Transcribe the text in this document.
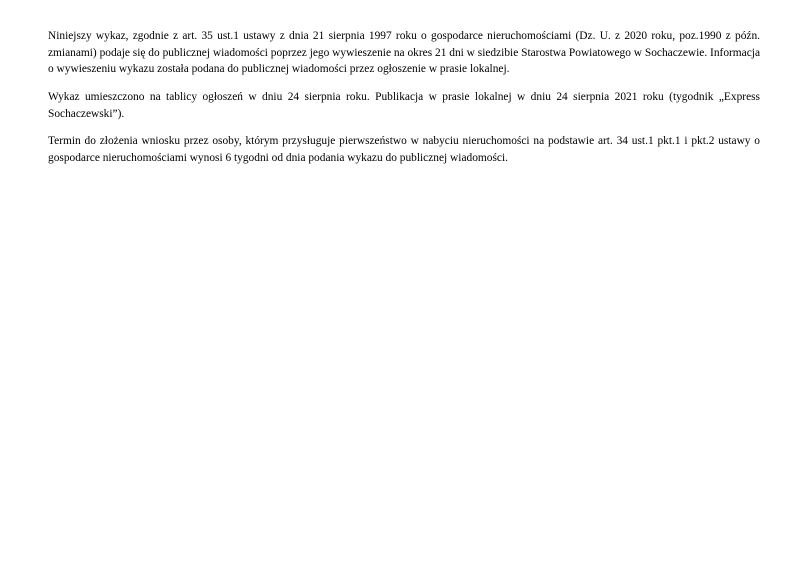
Niniejszy wykaz, zgodnie z art. 35 ust.1 ustawy z dnia 21 sierpnia 1997 roku o gospodarce nieruchomościami (Dz. U. z 2020 roku, poz.1990 z późn. zmianami) podaje się do publicznej wiadomości poprzez jego wywieszenie na okres 21 dni w siedzibie Starostwa Powiatowego w Sochaczewie. Informacja o wywieszeniu wykazu została podana do publicznej wiadomości przez ogłoszenie w prasie lokalnej.

Wykaz umieszczono na tablicy ogłoszeń w dniu 24 sierpnia roku. Publikacja w prasie lokalnej w dniu 24 sierpnia 2021 roku (tygodnik „Express Sochaczewski”).

Termin do złożenia wniosku przez osoby, którym przysługuje pierwszeństwo w nabyciu nieruchomości na podstawie art. 34 ust.1 pkt.1 i pkt.2 ustawy o gospodarce nieruchomościami wynosi 6 tygodni od dnia podania wykazu do publicznej wiadomości.
